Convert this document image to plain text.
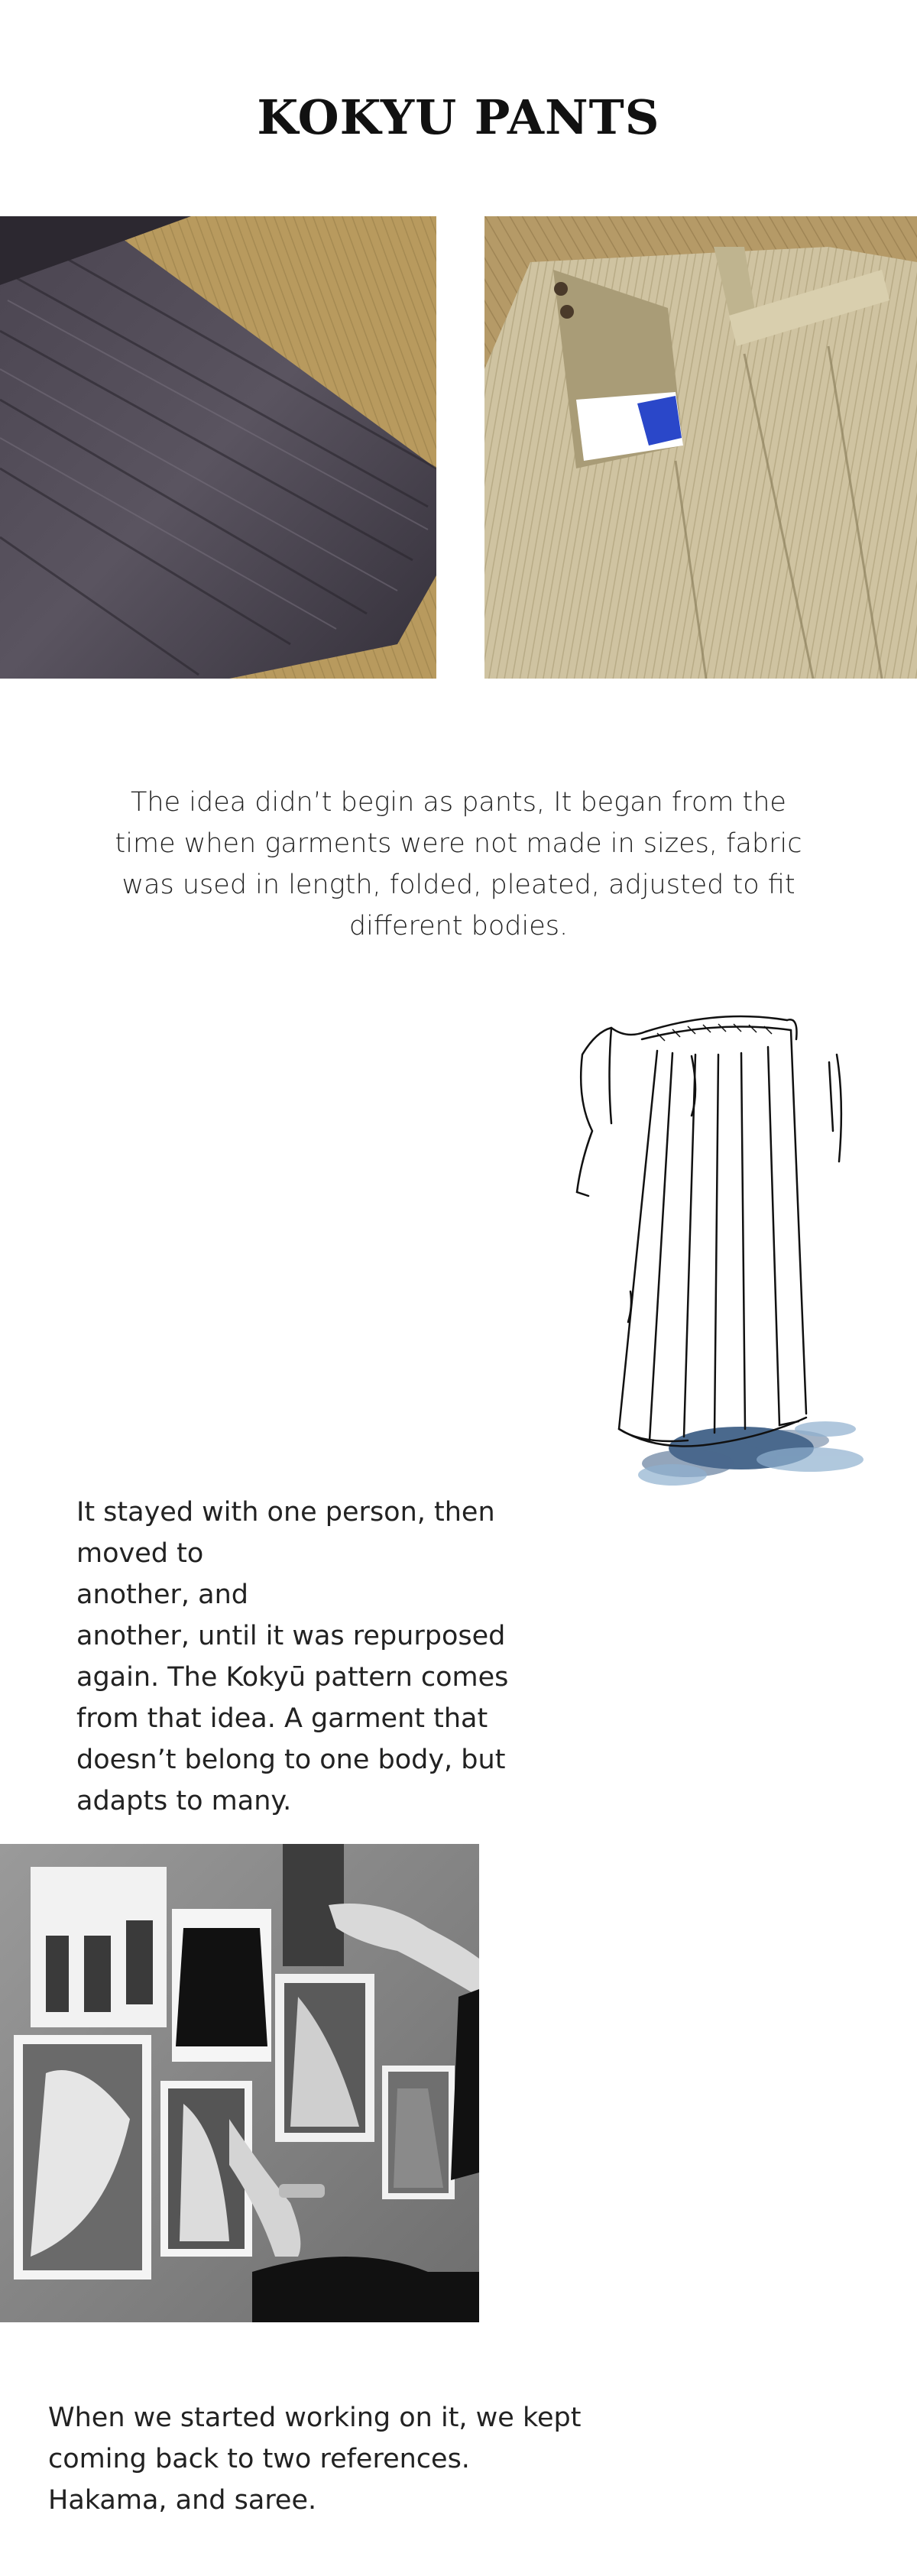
KOKYU PANTS

The idea didn’t begin as pants, It began from the time when garments were not made in sizes, fabric was used in length, folded, pleated, adjusted to fit different bodies.

It stayed with one person, then moved to
another, and
another, until it was repurposed again. The Kokyū pattern comes from that idea. A garment that doesn’t belong to one body, but adapts to many.

When we started working on it, we kept coming back to two references.
Hakama, and saree.
